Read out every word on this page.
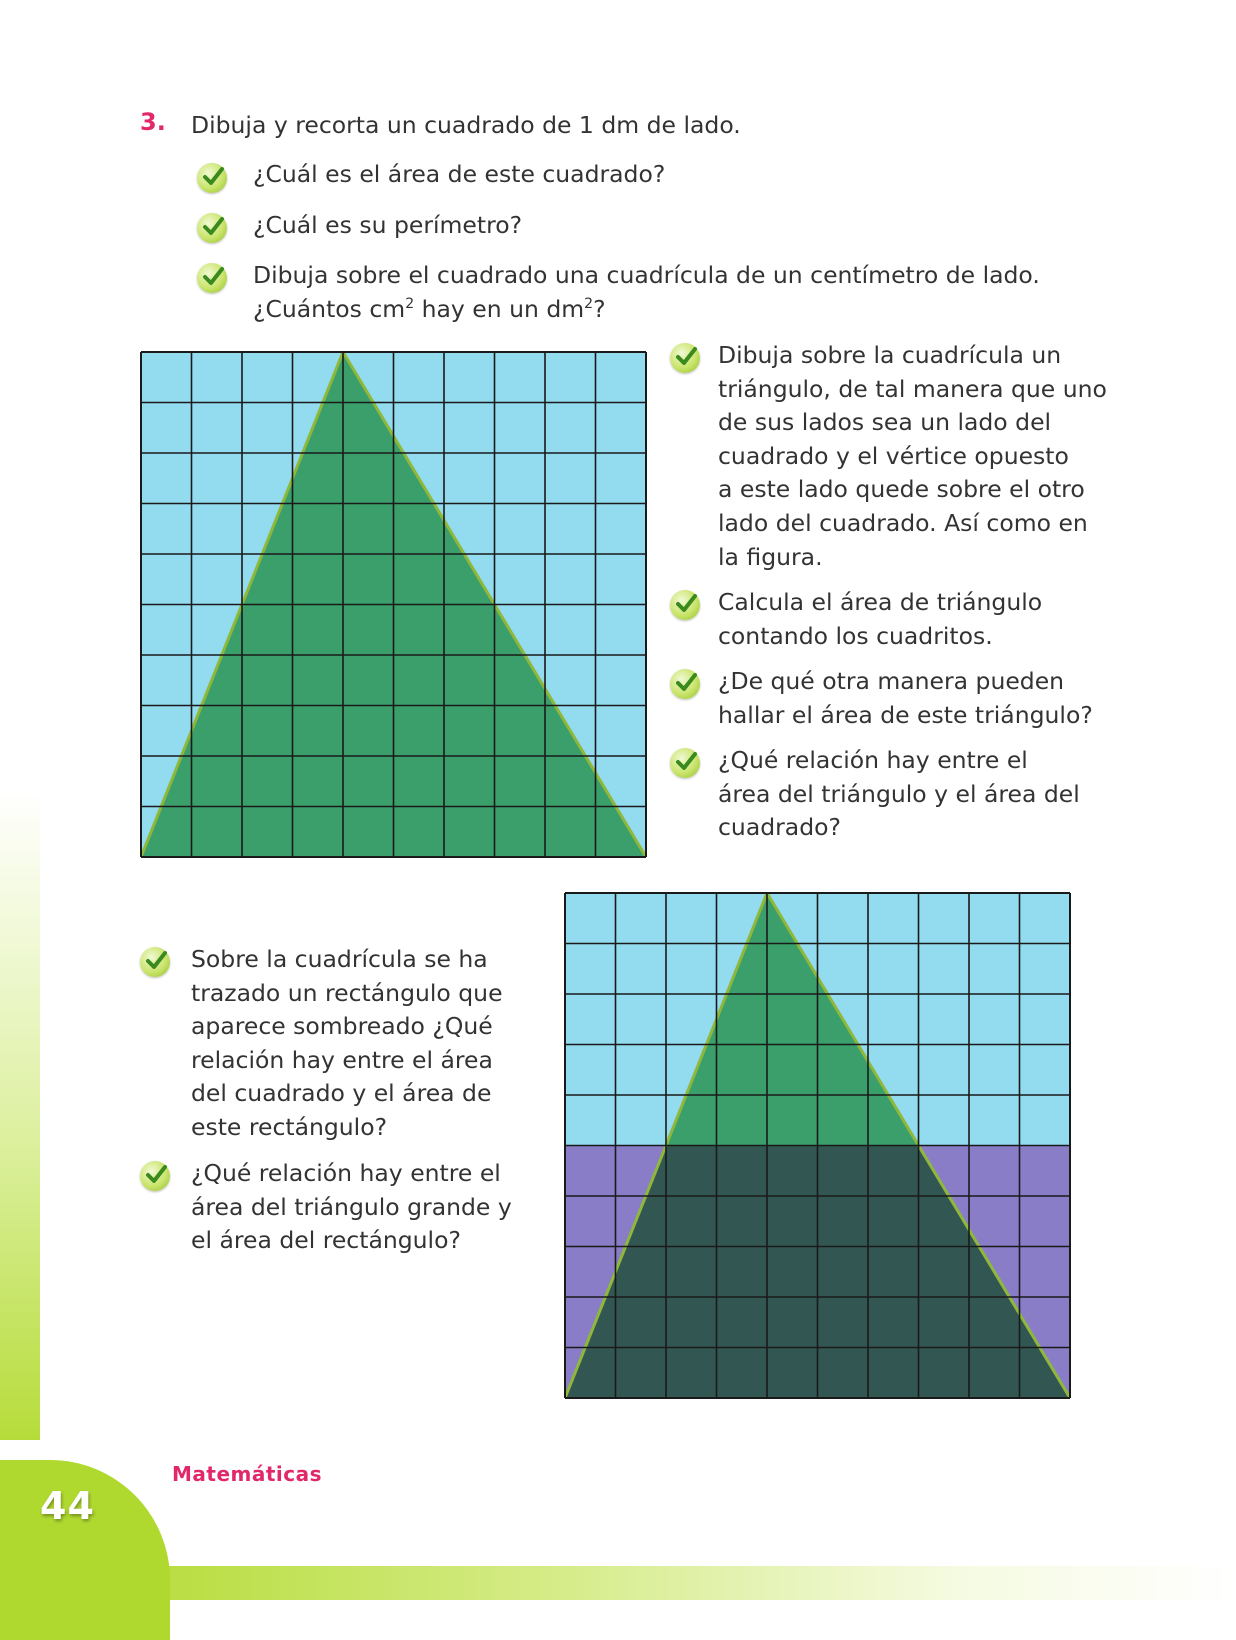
44
Matemáticas
3. Dibuja y recorta un cuadrado de 1 dm de lado.
¿Cuál es el área de este cuadrado?
¿Cuál es su perímetro?
Dibuja sobre el cuadrado una cuadrícula de un centímetro de lado.
¿Cuántos $cm^2$ hay en un $dm^2$?
Dibuja sobre la cuadrícula un
triángulo, de tal manera que uno
de sus lados sea un lado del
cuadrado y el vértice opuesto
a este lado quede sobre el otro
lado del cuadrado. Así como en
la figura.
Calcula el área de triángulo
contando los cuadritos.
¿De qué otra manera pueden
hallar el área de este triángulo?
¿Qué relación hay entre el
área del triángulo y el área del
cuadrado?
Sobre la cuadrícula se ha
trazado un rectángulo que
aparece sombreado ¿Qué
relación hay entre el área
del cuadrado y el área de
este rectángulo?
¿Qué relación hay entre el
área del triángulo grande y
el área del rectángulo?
